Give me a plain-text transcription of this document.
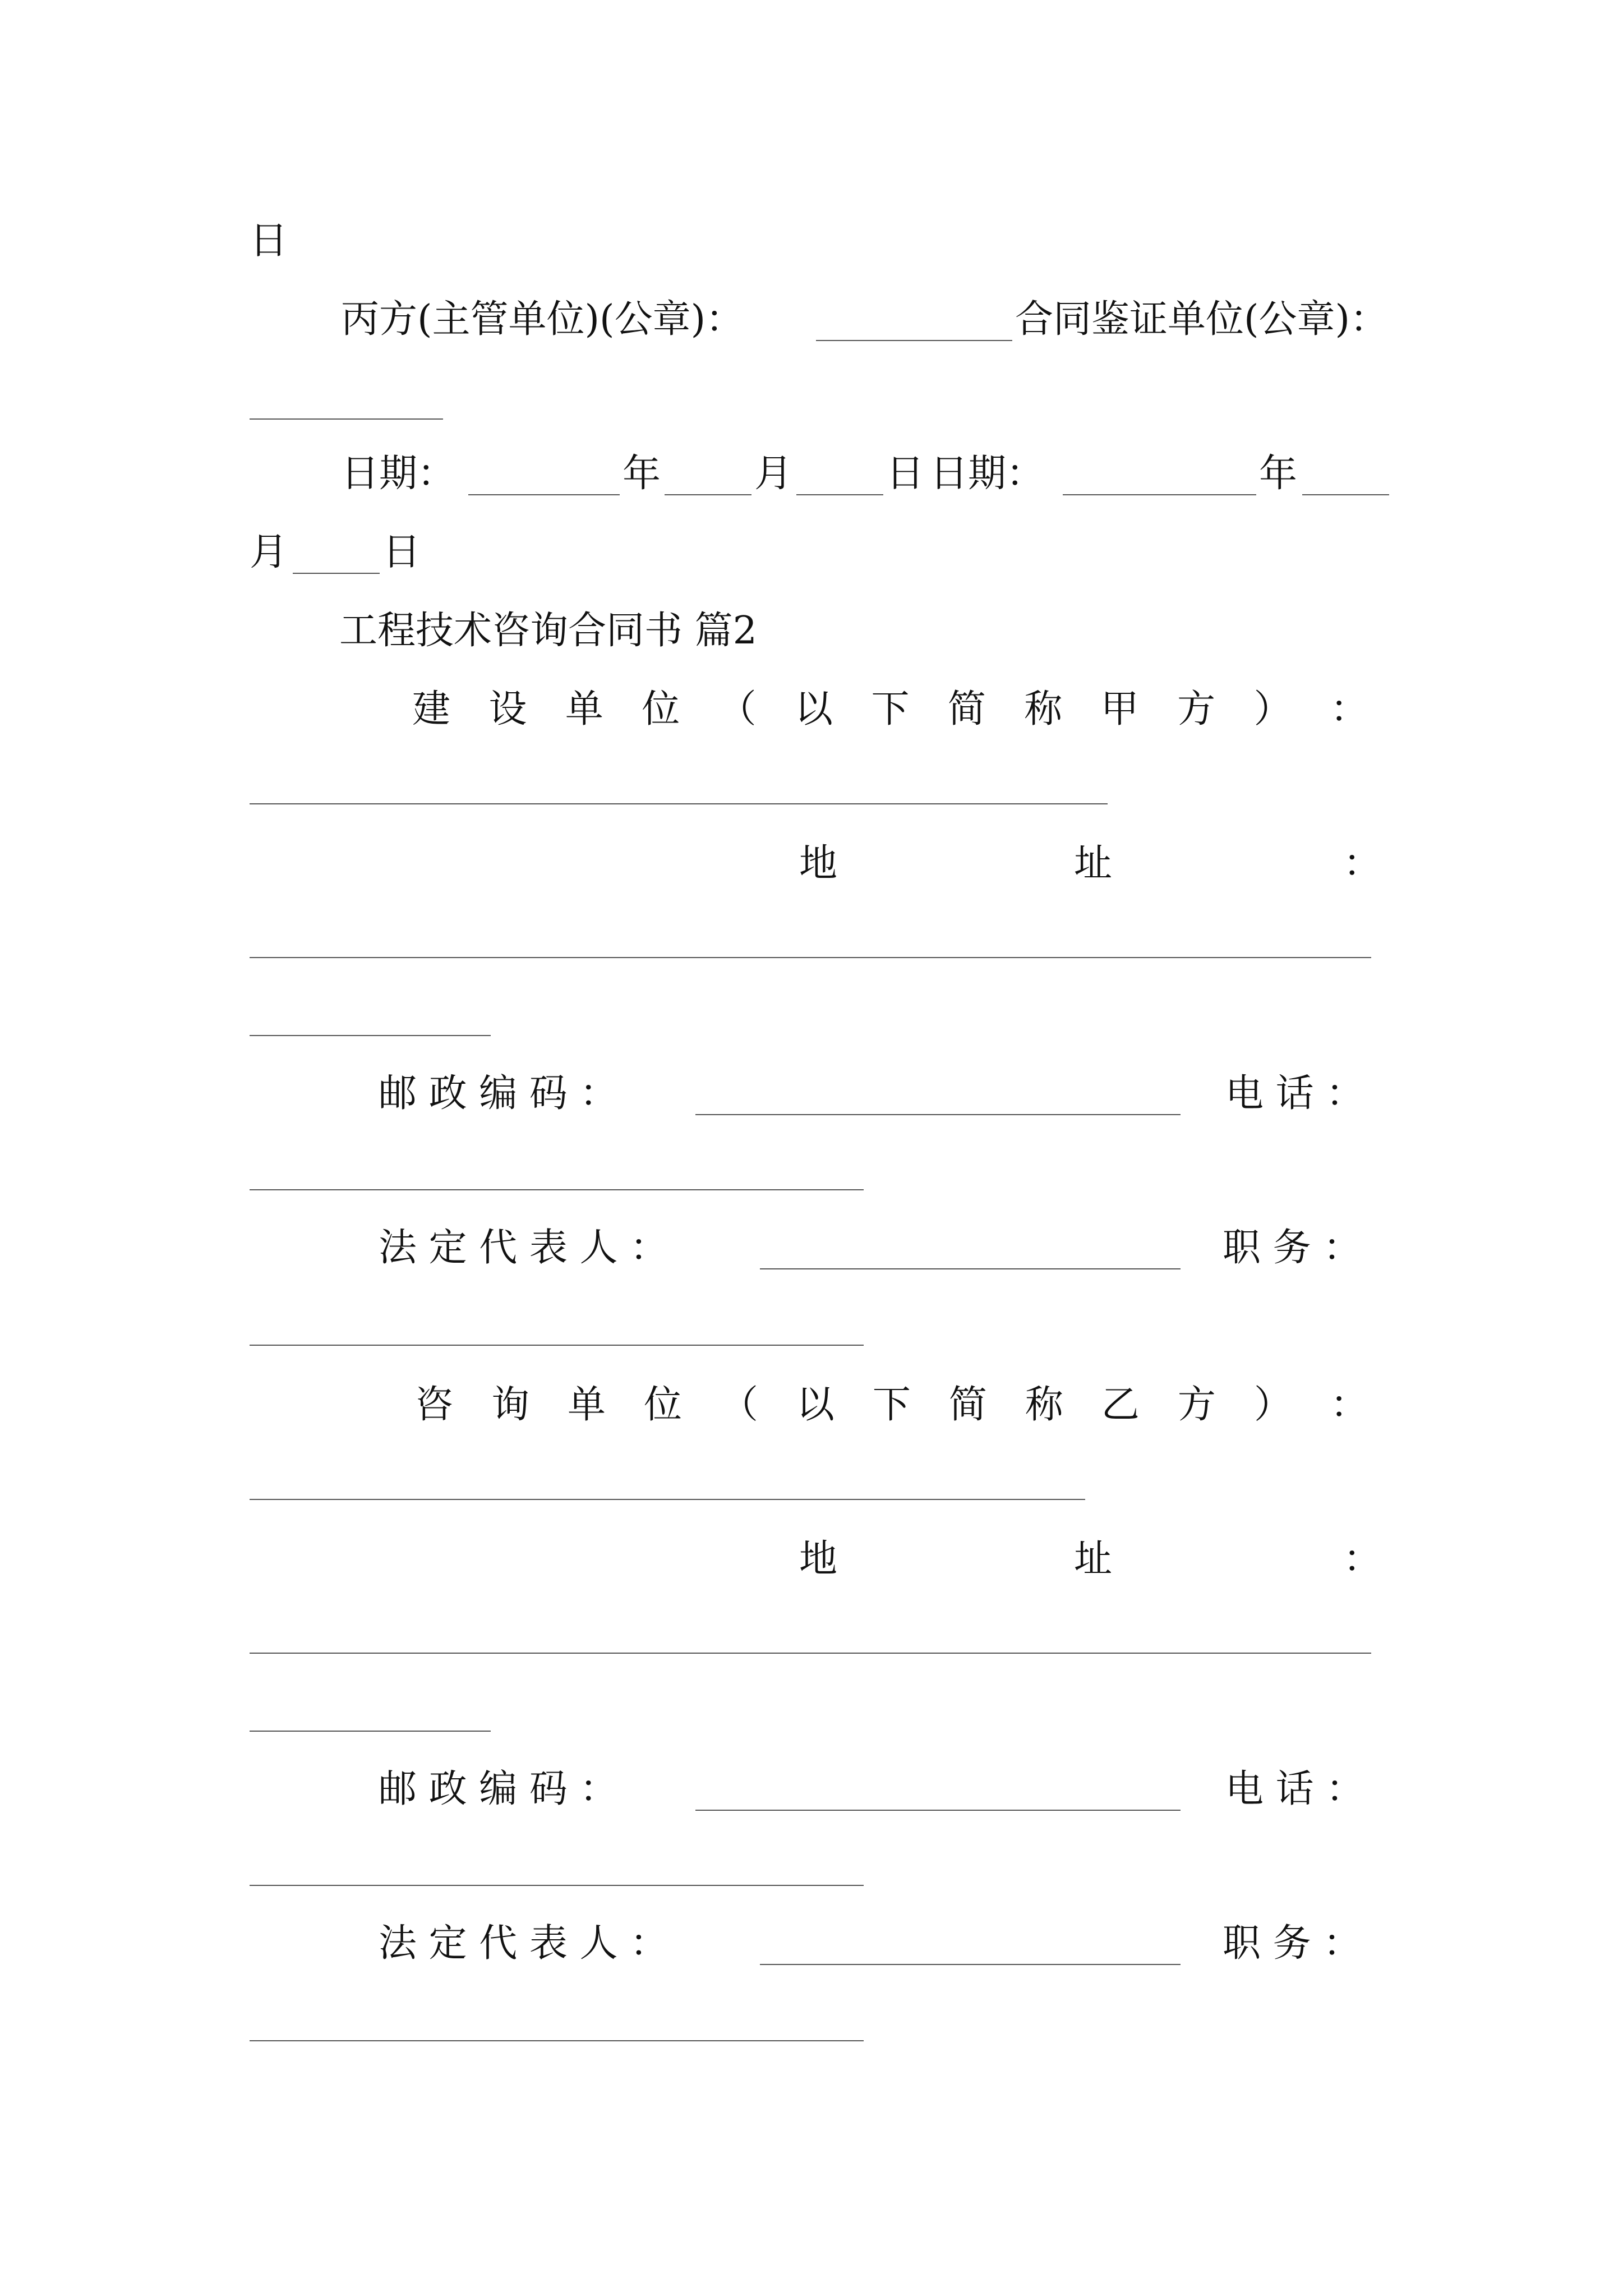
日
丙方(主管单位)(公章)：	合同鉴证单位(公章)：
日期：	年 月 日 日期：	年
月 日
工程技术咨询合同书 篇2
建 设 单 位 （ 以 下 简 称 甲 方 ） ：
地	址	：
邮 政 编 码 ：	电 话 ：
法 定 代 表 人 ：	职 务 ：
咨 询 单 位 （ 以 下 简 称 乙 方 ） ：
地	址	：
邮 政 编 码 ：	电 话 ：
法 定 代 表 人 ：	职 务 ：
